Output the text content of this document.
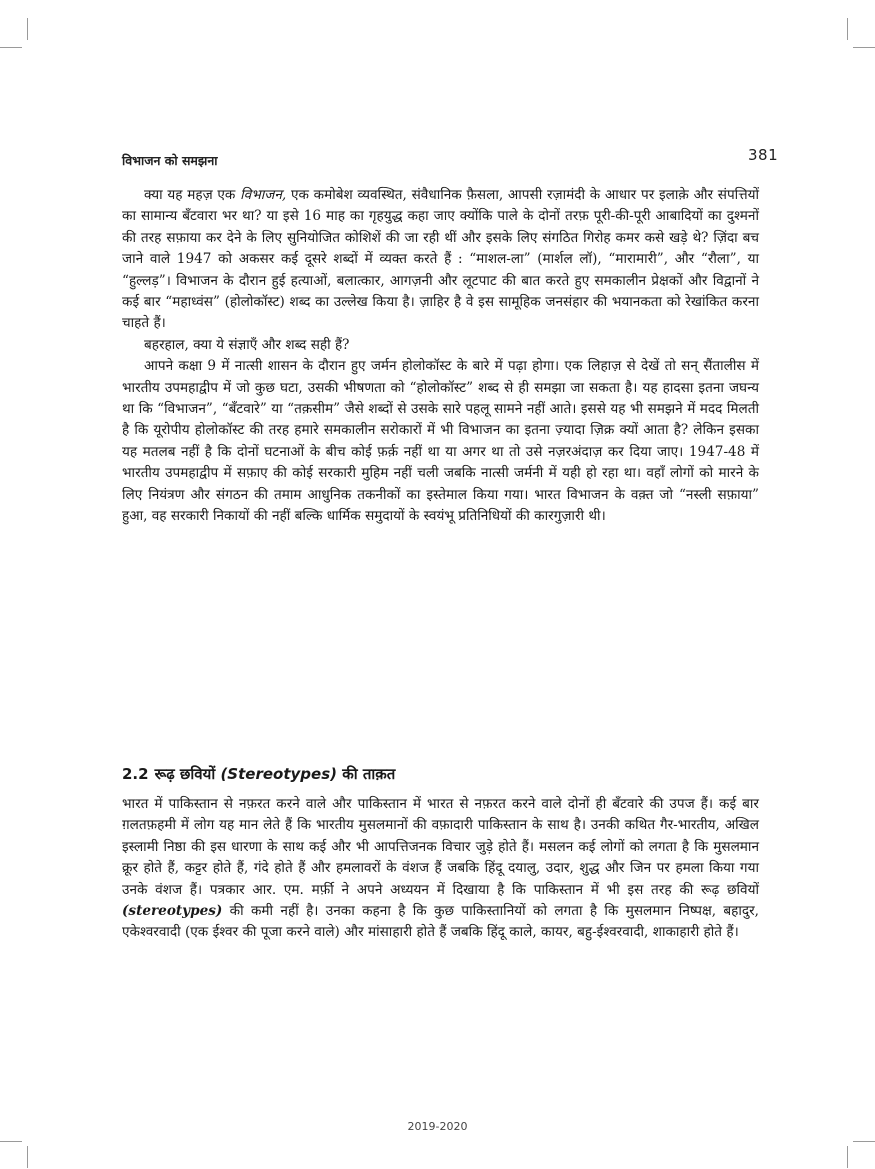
विभाजन को समझना	381

क्या यह महज़ एक विभाजन, एक कमोबेश व्यवस्थित, संवैधानिक फ़ैसला, आपसी रज़ामंदी के आधार पर इलाक़े और संपत्तियों का सामान्य बँटवारा भर था? या इसे 16 माह का गृहयुद्ध कहा जाए क्योंकि पाले के दोनों तरफ़ पूरी-की-पूरी आबादियों का दुश्मनों की तरह सफ़ाया कर देने के लिए सुनियोजित कोशिशें की जा रही थीं और इसके लिए संगठित गिरोह कमर कसे खड़े थे? ज़िंदा बच जाने वाले 1947 को अकसर कई दूसरे शब्दों में व्यक्त करते हैं : “माशल-ला” (मार्शल लॉ), “मारामारी”, और “रौला”, या “हुल्लड़”। विभाजन के दौरान हुई हत्याओं, बलात्कार, आगज़नी और लूटपाट की बात करते हुए समकालीन प्रेक्षकों और विद्वानों ने कई बार “महाध्वंस” (होलोकॉस्ट) शब्द का उल्लेख किया है। ज़ाहिर है वे इस सामूहिक जनसंहार की भयानकता को रेखांकित करना चाहते हैं।

बहरहाल, क्या ये संज्ञाएँ और शब्द सही हैं?

आपने कक्षा 9 में नात्सी शासन के दौरान हुए जर्मन होलोकॉस्ट के बारे में पढ़ा होगा। एक लिहाज़ से देखें तो सन् सैंतालीस में भारतीय उपमहाद्वीप में जो कुछ घटा, उसकी भीषणता को “होलोकॉस्ट” शब्द से ही समझा जा सकता है। यह हादसा इतना जघन्य था कि “विभाजन”, “बँटवारे” या “तक़सीम” जैसे शब्दों से उसके सारे पहलू सामने नहीं आते। इससे यह भी समझने में मदद मिलती है कि यूरोपीय होलोकॉस्ट की तरह हमारे समकालीन सरोकारों में भी विभाजन का इतना ज़्यादा ज़िक्र क्यों आता है? लेकिन इसका यह मतलब नहीं है कि दोनों घटनाओं के बीच कोई फ़र्क़ नहीं था या अगर था तो उसे नज़रअंदाज़ कर दिया जाए। 1947-48 में भारतीय उपमहाद्वीप में सफ़ाए की कोई सरकारी मुहिम नहीं चली जबकि नात्सी जर्मनी में यही हो रहा था। वहाँ लोगों को मारने के लिए नियंत्रण और संगठन की तमाम आधुनिक तकनीकों का इस्तेमाल किया गया। भारत विभाजन के वक़्त जो “नस्ली सफ़ाया” हुआ, वह सरकारी निकायों की नहीं बल्कि धार्मिक समुदायों के स्वयंभू प्रतिनिधियों की कारगुज़ारी थी।

2.2 रूढ़ छवियों (Stereotypes) की ताक़त

भारत में पाकिस्तान से नफ़रत करने वाले और पाकिस्तान में भारत से नफ़रत करने वाले दोनों ही बँटवारे की उपज हैं। कई बार ग़लतफ़हमी में लोग यह मान लेते हैं कि भारतीय मुसलमानों की वफ़ादारी पाकिस्तान के साथ है। उनकी कथित गैर-भारतीय, अखिल इस्लामी निष्ठा की इस धारणा के साथ कई और भी आपत्तिजनक विचार जुड़े होते हैं। मसलन कई लोगों को लगता है कि मुसलमान क्रूर होते हैं, कट्टर होते हैं, गंदे होते हैं और हमलावरों के वंशज हैं जबकि हिंदू दयालु, उदार, शुद्ध और जिन पर हमला किया गया उनके वंशज हैं। पत्रकार आर. एम. मर्फ़ी ने अपने अध्ययन में दिखाया है कि पाकिस्तान में भी इस तरह की रूढ़ छवियों (stereotypes) की कमी नहीं है। उनका कहना है कि कुछ पाकिस्तानियों को लगता है कि मुसलमान निष्पक्ष, बहादुर, एकेश्वरवादी (एक ईश्वर की पूजा करने वाले) और मांसाहारी होते हैं जबकि हिंदू काले, कायर, बहु-ईश्वरवादी, शाकाहारी होते हैं।

2019-2020
